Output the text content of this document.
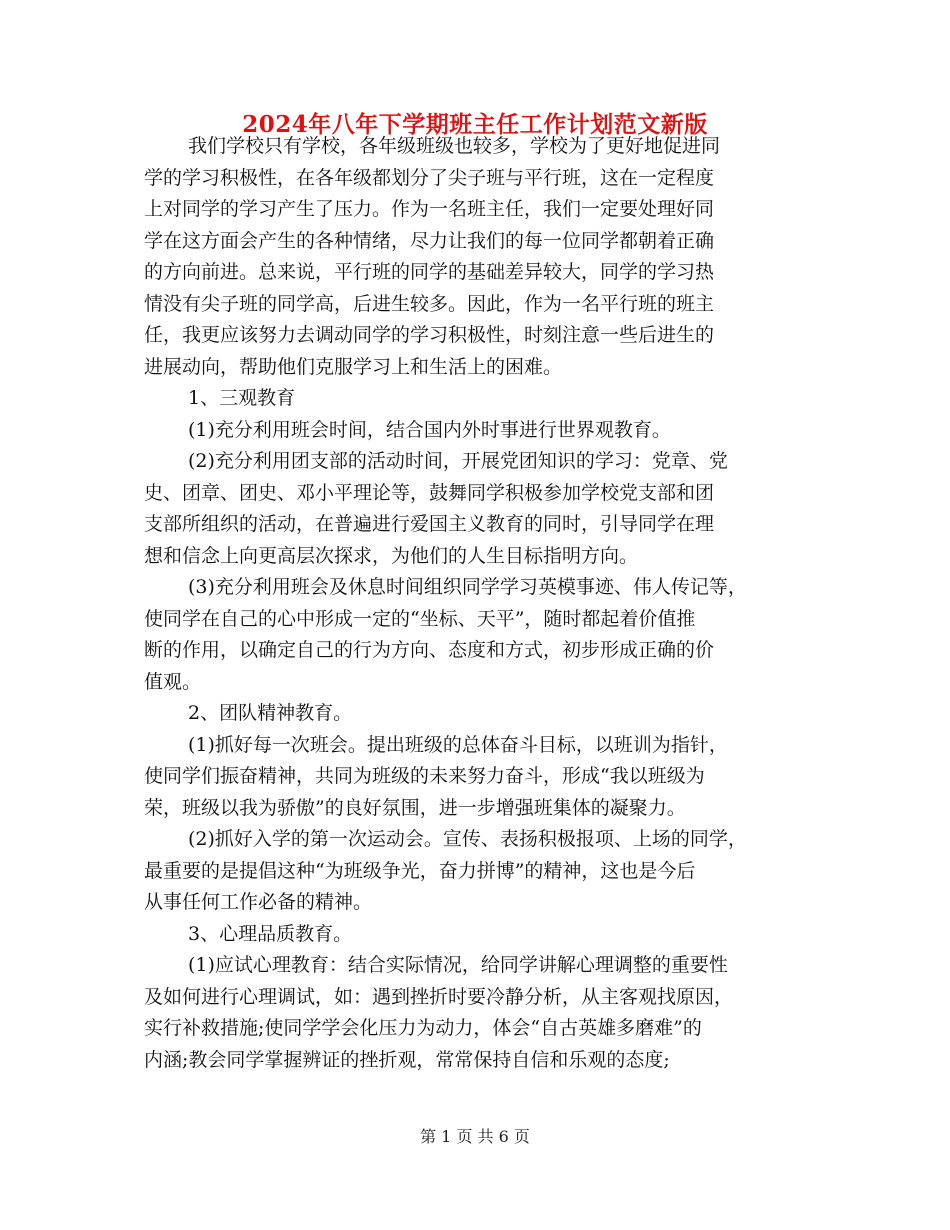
2024年八年下学期班主任工作计划范文新版
我们学校只有学校，各年级班级也较多，学校为了更好地促进同
学的学习积极性，在各年级都划分了尖子班与平行班，这在一定程度
上对同学的学习产生了压力。作为一名班主任，我们一定要处理好同
学在这方面会产生的各种情绪，尽力让我们的每一位同学都朝着正确
的方向前进。总来说，平行班的同学的基础差异较大，同学的学习热
情没有尖子班的同学高，后进生较多。因此，作为一名平行班的班主
任，我更应该努力去调动同学的学习积极性，时刻注意一些后进生的
进展动向，帮助他们克服学习上和生活上的困难。
1、三观教育
(1)充分利用班会时间，结合国内外时事进行世界观教育。
(2)充分利用团支部的活动时间，开展党团知识的学习：党章、党
史、团章、团史、邓小平理论等，鼓舞同学积极参加学校党支部和团
支部所组织的活动，在普遍进行爱国主义教育的同时，引导同学在理
想和信念上向更高层次探求，为他们的人生目标指明方向。
(3)充分利用班会及休息时间组织同学学习英模事迹、伟人传记等，
使同学在自己的心中形成一定的“坐标、天平”，随时都起着价值推
断的作用，以确定自己的行为方向、态度和方式，初步形成正确的价
值观。
2、团队精神教育。
(1)抓好每一次班会。提出班级的总体奋斗目标，以班训为指针，
使同学们振奋精神，共同为班级的未来努力奋斗，形成“我以班级为
荣，班级以我为骄傲”的良好氛围，进一步增强班集体的凝聚力。
(2)抓好入学的第一次运动会。宣传、表扬积极报项、上场的同学，
最重要的是提倡这种“为班级争光，奋力拼博”的精神，这也是今后
从事任何工作必备的精神。
3、心理品质教育。
(1)应试心理教育：结合实际情况，给同学讲解心理调整的重要性
及如何进行心理调试，如：遇到挫折时要冷静分析，从主客观找原因，
实行补救措施;使同学学会化压力为动力，体会“自古英雄多磨难”的
内涵;教会同学掌握辨证的挫折观，常常保持自信和乐观的态度;
第 1 页 共 6 页
